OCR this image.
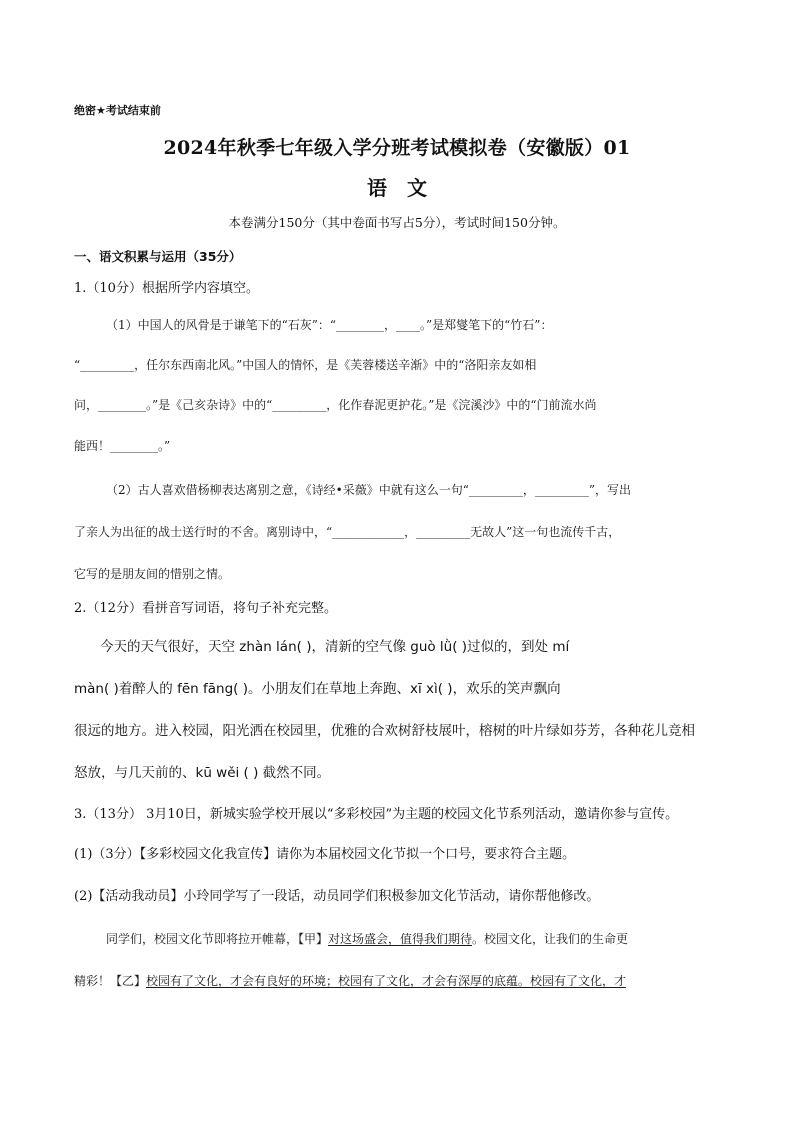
绝密★考试结束前
2024年秋季七年级入学分班考试模拟卷（安徽版）01
语 文
本卷满分150分（其中卷面书写占5分），考试时间150分钟。
一、语文积累与运用（35分）
1.（10分）根据所学内容填空。
（1）中国人的风骨是于谦笔下的“石灰”：“________，____。”是郑燮笔下的“竹石”：
“_________，任尔东西南北风。”中国人的情怀，是《芙蓉楼送辛渐》中的“洛阳亲友如相
问，________。”是《己亥杂诗》中的“_________，化作春泥更护花。”是《浣溪沙》中的“门前流水尚
能西！________。”
（2）古人喜欢借杨柳表达离别之意，《诗经•采薇》中就有这么一句“_________，_________”，写出
了亲人为出征的战士送行时的不舍。离别诗中，“____________，_________无故人”这一句也流传千古，
它写的是朋友间的惜别之情。
2.（12分）看拼音写词语，将句子补充完整。
今天的天气很好，天空 zhàn lán( )，清新的空气像 guò lǜ( )过似的，到处 mí
màn( )着醉人的 fēn fāng( )。小朋友们在草地上奔跑、xī xì( )，欢乐的笑声飘向
很远的地方。进入校园，阳光洒在校园里，优雅的合欢树舒枝展叶，榕树的叶片绿如芬芳，各种花儿竞相
怒放，与几天前的、kū wěi ( ) 截然不同。
3.（13分） 3月10日，新城实验学校开展以“多彩校园”为主题的校园文化节系列活动，邀请你参与宣传。
(1)（3分）【多彩校园文化我宣传】请你为本届校园文化节拟一个口号，要求符合主题。
(2)【活动我动员】小玲同学写了一段话，动员同学们积极参加文化节活动，请你帮他修改。
同学们，校园文化节即将拉开帷幕，【甲】对这场盛会，值得我们期待。校园文化，让我们的生命更
精彩！【乙】校园有了文化，才会有良好的环境；校园有了文化，才会有深厚的底蕴。校园有了文化，才
